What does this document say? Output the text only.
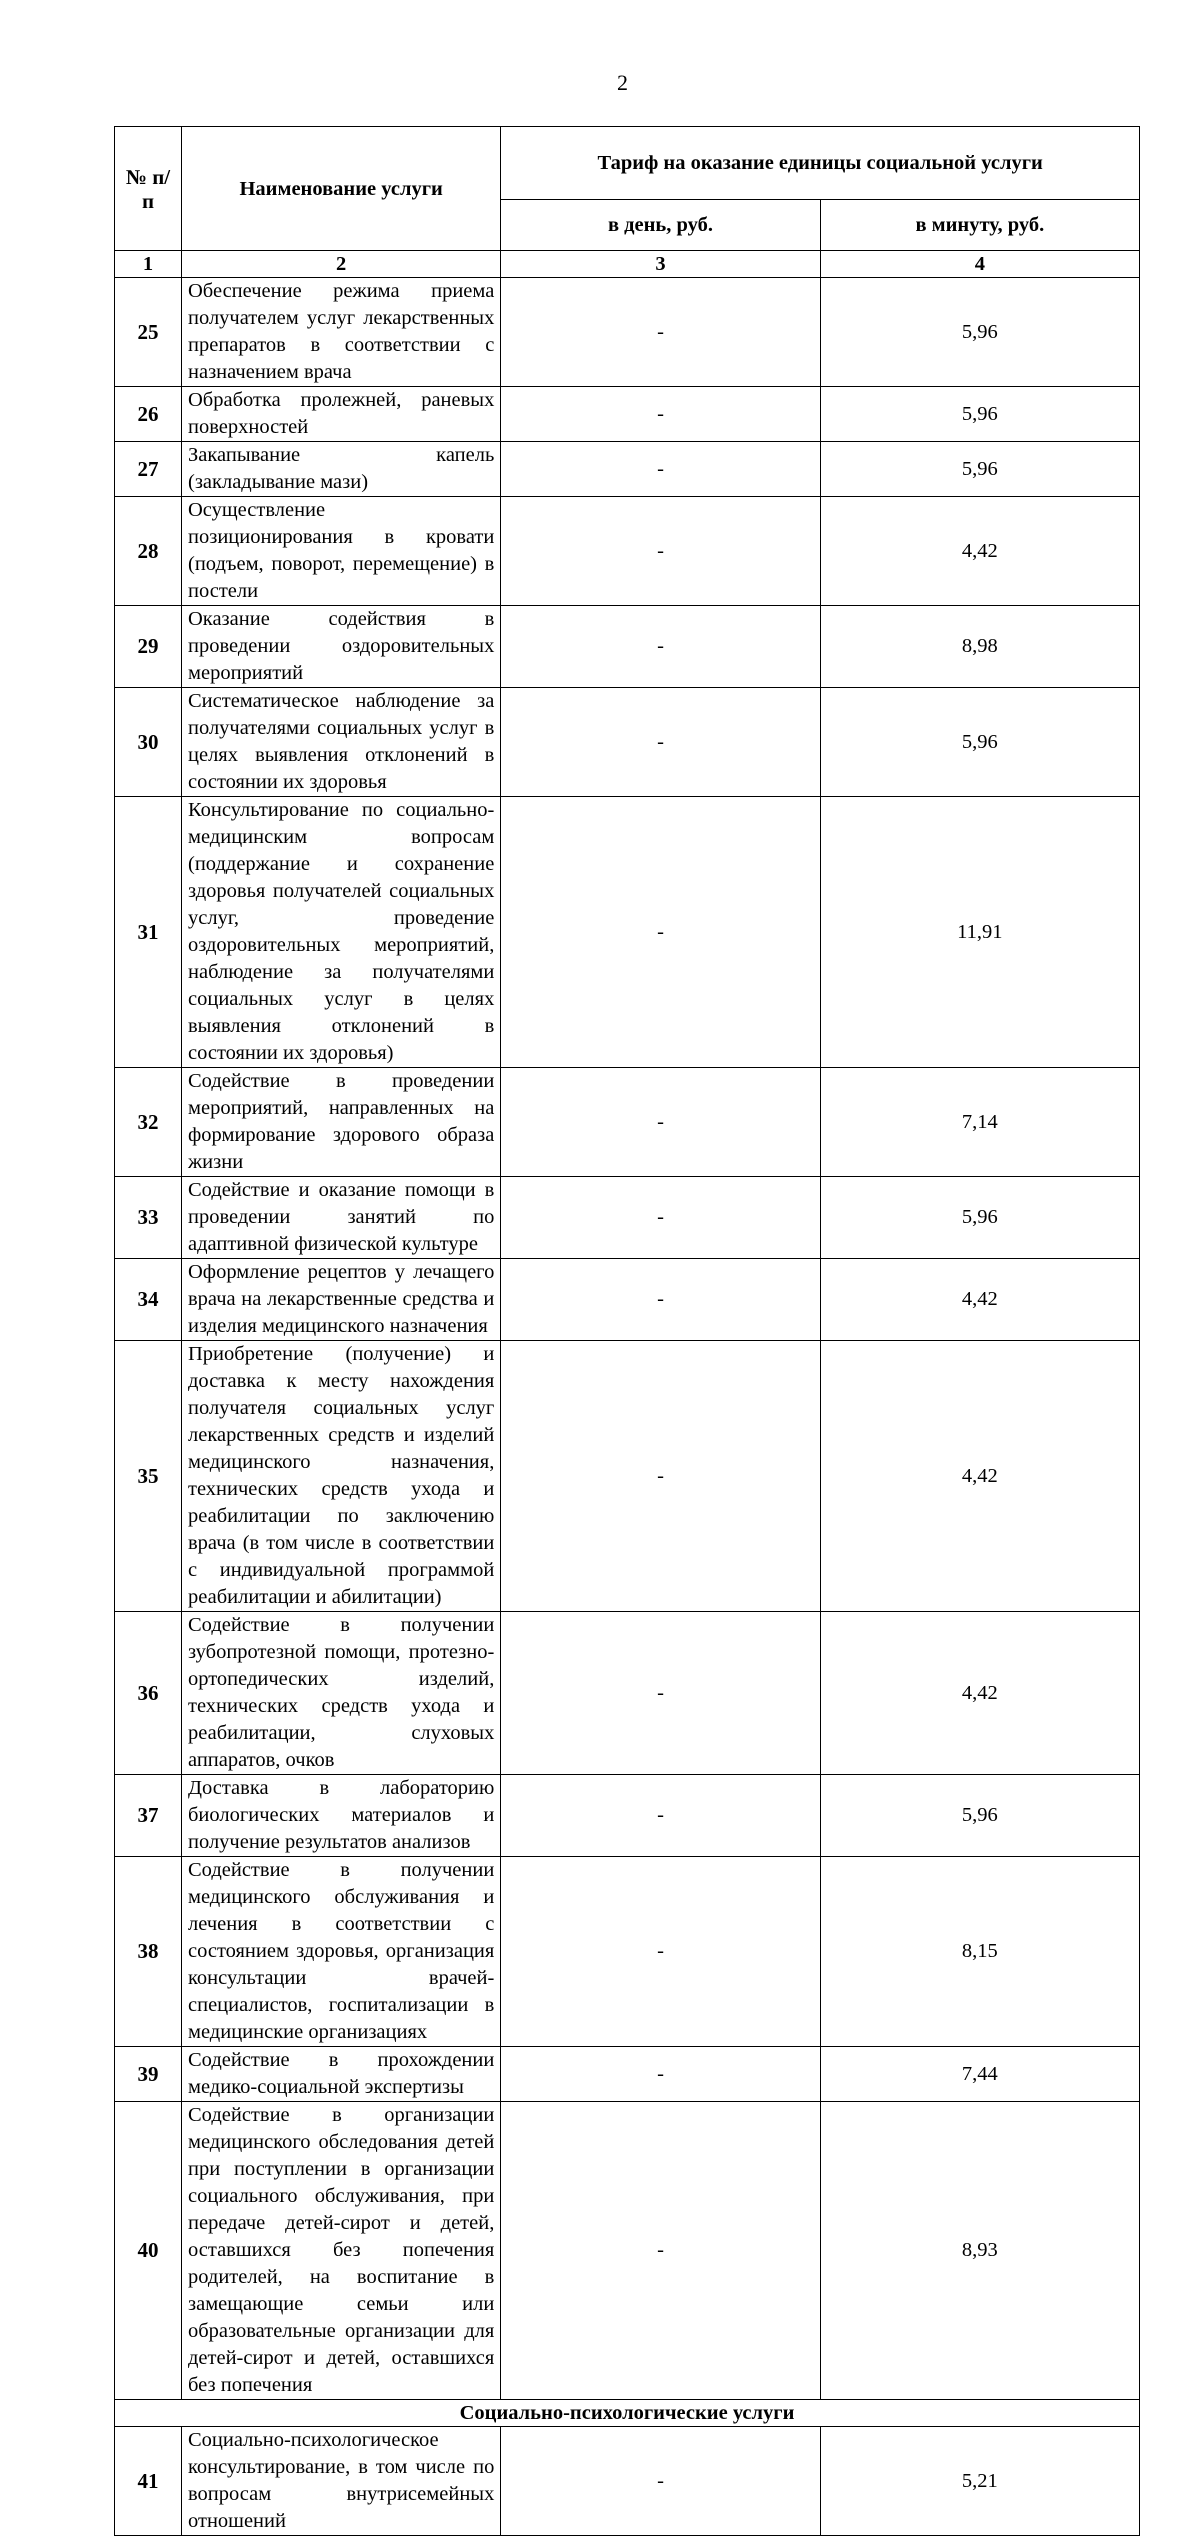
2
№ п/п	Наименование услуги	Тариф на оказание единицы социальной услуги	
		в день, руб.	в минуту, руб.
1	2	3	4
25	Обеспечение режима приема получателем услуг лекарственных препаратов в соответствии с назначением врача	-	5,96
26	Обработка пролежней, раневых поверхностей	-	5,96
27	Закапывание капель (закладывание мази)	-	5,96
28	Осуществление позиционирования в кровати (подъем, поворот, перемещение) в постели	-	4,42
29	Оказание содействия в проведении оздоровительных мероприятий	-	8,98
30	Систематическое наблюдение за получателями социальных услуг в целях выявления отклонений в состоянии их здоровья	-	5,96
31	Консультирование по социально-медицинским вопросам (поддержание и сохранение здоровья получателей социальных услуг, проведение оздоровительных мероприятий, наблюдение за получателями социальных услуг в целях выявления отклонений в состоянии их здоровья)	-	11,91
32	Содействие в проведении мероприятий, направленных на формирование здорового образа жизни	-	7,14
33	Содействие и оказание помощи в проведении занятий по адаптивной физической культуре	-	5,96
34	Оформление рецептов у лечащего врача на лекарственные средства и изделия медицинского назначения	-	4,42
35	Приобретение (получение) и доставка к месту нахождения получателя социальных услуг лекарственных средств и изделий медицинского назначения, технических средств ухода и реабилитации по заключению врача (в том числе в соответствии с индивидуальной программой реабилитации и абилитации)	-	4,42
36	Содействие в получении зубопротезной помощи, протезно-ортопедических изделий, технических средств ухода и реабилитации, слуховых аппаратов, очков	-	4,42
37	Доставка в лабораторию биологических материалов и получение результатов анализов	-	5,96
38	Содействие в получении медицинского обслуживания и лечения в соответствии с состоянием здоровья, организация консультации врачей-специалистов, госпитализации в медицинские организациях	-	8,15
39	Содействие в прохождении медико-социальной экспертизы	-	7,44
40	Содействие в организации медицинского обследования детей при поступлении в организации социального обслуживания, при передаче детей-сирот и детей, оставшихся без попечения родителей, на воспитание в замещающие семьи или образовательные организации для детей-сирот и детей, оставшихся без попечения	-	8,93
Социально-психологические услуги			
41	Социально-психологическое консультирование, в том числе по вопросам внутрисемейных отношений	-	5,21
